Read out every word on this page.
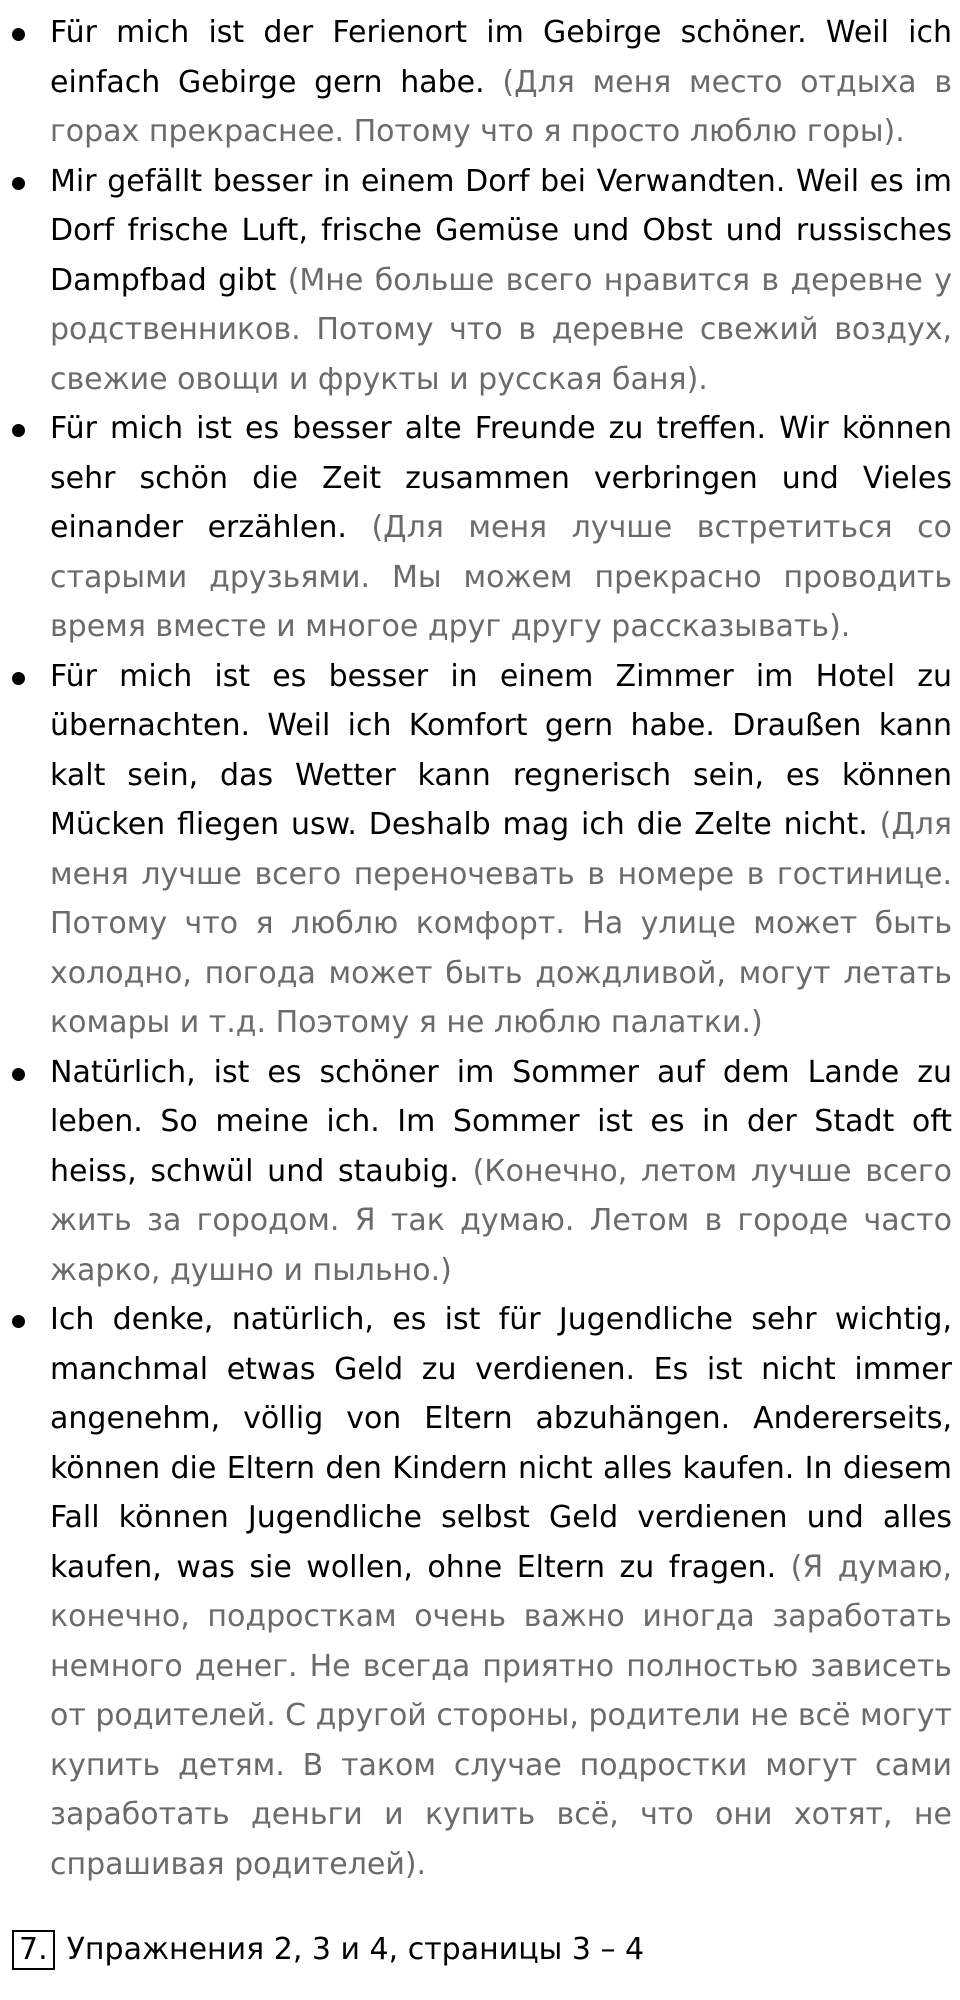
Für mich ist der Ferienort im Gebirge schöner. Weil ich einfach Gebirge gern habe. (Для меня место отдыха в горах прекраснее. Потому что я просто люблю горы).
Mir gefällt besser in einem Dorf bei Verwandten. Weil es im Dorf frische Luft, frische Gemüse und Obst und russisches Dampfbad gibt (Мне больше всего нравится в деревне у родственников. Потому что в деревне свежий воздух, свежие овощи и фрукты и русская баня).
Für mich ist es besser alte Freunde zu treffen. Wir können sehr schön die Zeit zusammen verbringen und Vieles einander erzählen. (Для меня лучше встретиться со старыми друзьями. Мы можем прекрасно проводить время вместе и многое друг другу рассказывать).
Für mich ist es besser in einem Zimmer im Hotel zu übernachten. Weil ich Komfort gern habe. Draußen kann kalt sein, das Wetter kann regnerisch sein, es können Mücken fliegen usw. Deshalb mag ich die Zelte nicht. (Для меня лучше всего переночевать в номере в гостинице. Потому что я люблю комфорт. На улице может быть холодно, погода может быть дождливой, могут летать комары и т.д. Поэтому я не люблю палатки.)
Natürlich, ist es schöner im Sommer auf dem Lande zu leben. So meine ich. Im Sommer ist es in der Stadt oft heiss, schwül und staubig. (Конечно, летом лучше всего жить за городом. Я так думаю. Летом в городе часто жарко, душно и пыльно.)
Ich denke, natürlich, es ist für Jugendliche sehr wichtig, manchmal etwas Geld zu verdienen. Es ist nicht immer angenehm, völlig von Eltern abzuhängen. Andererseits, können die Eltern den Kindern nicht alles kaufen. In diesem Fall können Jugendliche selbst Geld verdienen und alles kaufen, was sie wollen, ohne Eltern zu fragen. (Я думаю, конечно, подросткам очень важно иногда заработать немного денег. Не всегда приятно полностью зависеть от родителей. С другой стороны, родители не всё могут купить детям. В таком случае подростки могут сами заработать деньги и купить всё, что они хотят, не спрашивая родителей).
7. Упражнения 2, 3 и 4, страницы 3 – 4
